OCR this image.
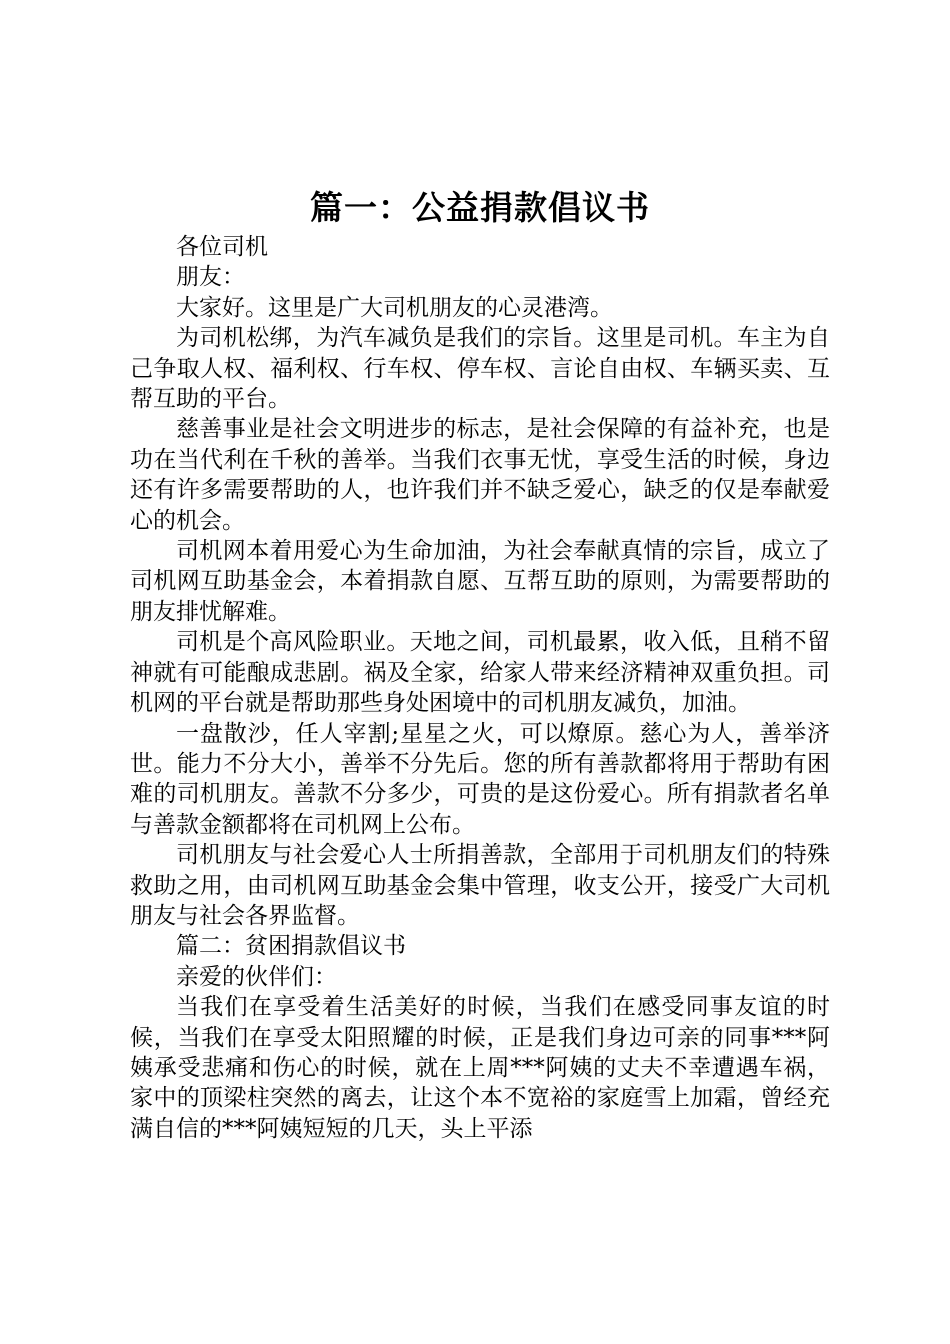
篇一：公益捐款倡议书

各位司机

朋友：

大家好。这里是广大司机朋友的心灵港湾。

为司机松绑，为汽车减负是我们的宗旨。这里是司机。车主为自己争取人权、福利权、行车权、停车权、言论自由权、车辆买卖、互帮互助的平台。

慈善事业是社会文明进步的标志，是社会保障的有益补充，也是功在当代利在千秋的善举。当我们衣事无忧，享受生活的时候，身边还有许多需要帮助的人，也许我们并不缺乏爱心，缺乏的仅是奉献爱心的机会。

司机网本着用爱心为生命加油，为社会奉献真情的宗旨，成立了司机网互助基金会，本着捐款自愿、互帮互助的原则，为需要帮助的朋友排忧解难。

司机是个高风险职业。天地之间，司机最累，收入低，且稍不留神就有可能酿成悲剧。祸及全家，给家人带来经济精神双重负担。司机网的平台就是帮助那些身处困境中的司机朋友减负，加油。

一盘散沙，任人宰割;星星之火，可以燎原。慈心为人，善举济世。能力不分大小，善举不分先后。您的所有善款都将用于帮助有困难的司机朋友。善款不分多少，可贵的是这份爱心。所有捐款者名单与善款金额都将在司机网上公布。

司机朋友与社会爱心人士所捐善款，全部用于司机朋友们的特殊救助之用，由司机网互助基金会集中管理，收支公开，接受广大司机朋友与社会各界监督。

篇二：贫困捐款倡议书

亲爱的伙伴们：

当我们在享受着生活美好的时候，当我们在感受同事友谊的时候，当我们在享受太阳照耀的时候，正是我们身边可亲的同事***阿姨承受悲痛和伤心的时候，就在上周***阿姨的丈夫不幸遭遇车祸，家中的顶梁柱突然的离去，让这个本不宽裕的家庭雪上加霜，曾经充满自信的***阿姨短短的几天，头上平添
